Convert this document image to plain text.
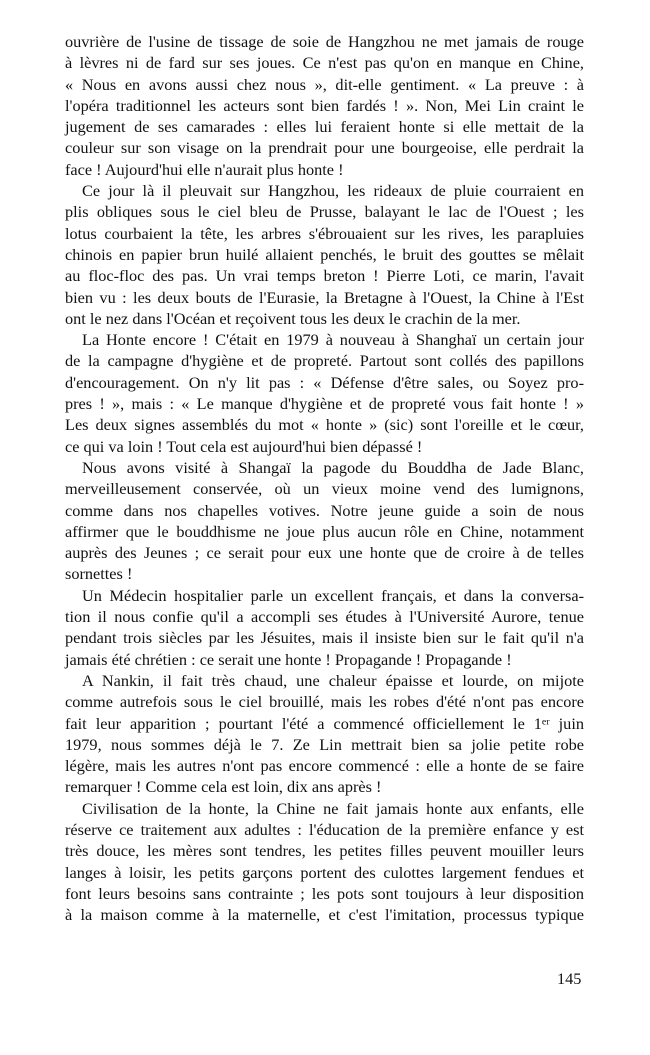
ouvrière de l'usine de tissage de soie de Hangzhou ne met jamais de rouge
à lèvres ni de fard sur ses joues. Ce n'est pas qu'on en manque en Chine,
« Nous en avons aussi chez nous », dit-elle gentiment. « La preuve : à
l'opéra traditionnel les acteurs sont bien fardés ! ». Non, Mei Lin craint le
jugement de ses camarades : elles lui feraient honte si elle mettait de la
couleur sur son visage on la prendrait pour une bourgeoise, elle perdrait la
face ! Aujourd'hui elle n'aurait plus honte !
Ce jour là il pleuvait sur Hangzhou, les rideaux de pluie courraient en
plis obliques sous le ciel bleu de Prusse, balayant le lac de l'Ouest ; les
lotus courbaient la tête, les arbres s'ébrouaient sur les rives, les parapluies
chinois en papier brun huilé allaient penchés, le bruit des gouttes se mêlait
au floc-floc des pas. Un vrai temps breton ! Pierre Loti, ce marin, l'avait
bien vu : les deux bouts de l'Eurasie, la Bretagne à l'Ouest, la Chine à l'Est
ont le nez dans l'Océan et reçoivent tous les deux le crachin de la mer.
La Honte encore ! C'était en 1979 à nouveau à Shanghaï un certain jour
de la campagne d'hygiène et de propreté. Partout sont collés des papillons
d'encouragement. On n'y lit pas : « Défense d'être sales, ou Soyez pro-
pres ! », mais : « Le manque d'hygiène et de propreté vous fait honte ! »
Les deux signes assemblés du mot « honte » (sic) sont l'oreille et le cœur,
ce qui va loin ! Tout cela est aujourd'hui bien dépassé !
Nous avons visité à Shangaï la pagode du Bouddha de Jade Blanc,
merveilleusement conservée, où un vieux moine vend des lumignons,
comme dans nos chapelles votives. Notre jeune guide a soin de nous
affirmer que le bouddhisme ne joue plus aucun rôle en Chine, notamment
auprès des Jeunes ; ce serait pour eux une honte que de croire à de telles
sornettes !
Un Médecin hospitalier parle un excellent français, et dans la conversa-
tion il nous confie qu'il a accompli ses études à l'Université Aurore, tenue
pendant trois siècles par les Jésuites, mais il insiste bien sur le fait qu'il n'a
jamais été chrétien : ce serait une honte ! Propagande ! Propagande !
A Nankin, il fait très chaud, une chaleur épaisse et lourde, on mijote
comme autrefois sous le ciel brouillé, mais les robes d'été n'ont pas encore
fait leur apparition ; pourtant l'été a commencé officiellement le 1ᵉʳ juin
1979, nous sommes déjà le 7. Ze Lin mettrait bien sa jolie petite robe
légère, mais les autres n'ont pas encore commencé : elle a honte de se faire
remarquer ! Comme cela est loin, dix ans après !
Civilisation de la honte, la Chine ne fait jamais honte aux enfants, elle
réserve ce traitement aux adultes : l'éducation de la première enfance y est
très douce, les mères sont tendres, les petites filles peuvent mouiller leurs
langes à loisir, les petits garçons portent des culottes largement fendues et
font leurs besoins sans contrainte ; les pots sont toujours à leur disposition
à la maison comme à la maternelle, et c'est l'imitation, processus typique
145
